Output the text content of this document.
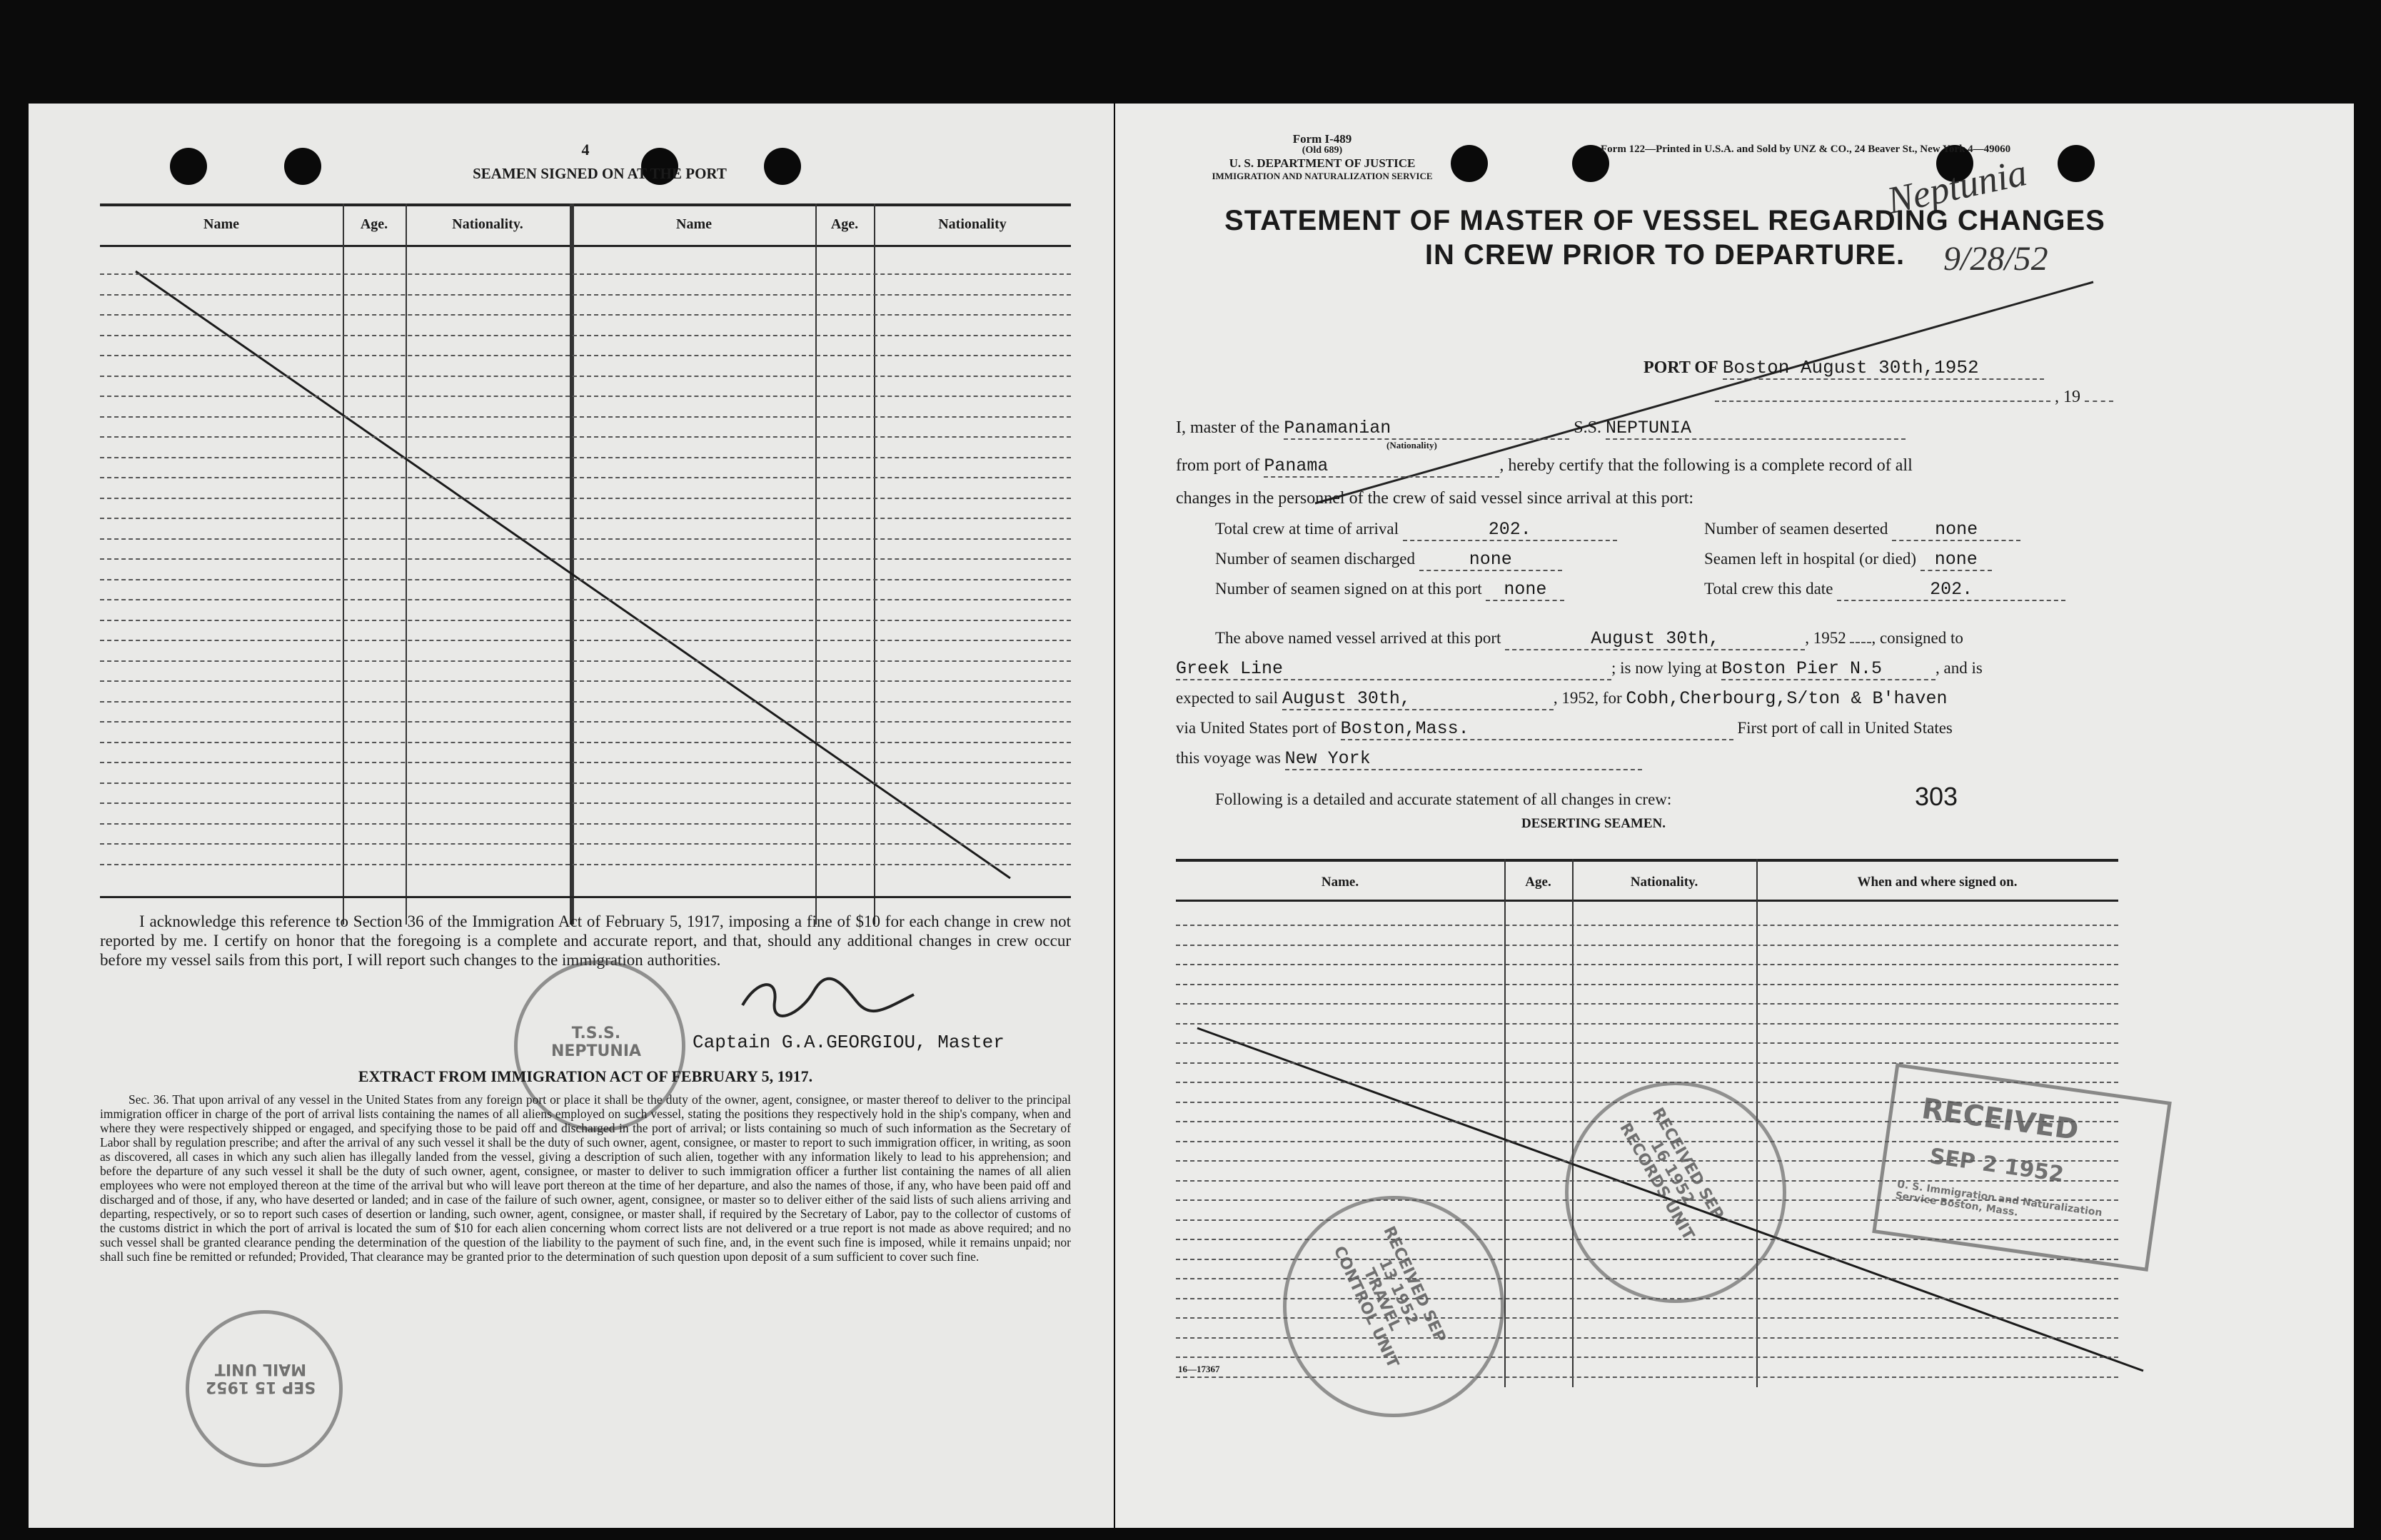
4
SEAMEN SIGNED ON AT THE PORT
Name	Age.	Nationality.	Name	Age.	Nationality
I acknowledge this reference to Section 36 of the Immigration Act of February 5, 1917, imposing a fine of $10 for each change in crew not reported by me. I certify on honor that the foregoing is a complete and accurate report, and that, should any additional changes in crew occur before my vessel sails from this port, I will report such changes to the immigration authorities.
Captain G.A.GEORGIOU, Master
T.S.S. NEPTUNIA
EXTRACT FROM IMMIGRATION ACT OF FEBRUARY 5, 1917.
Sec. 36. That upon arrival of any vessel in the United States from any foreign port or place it shall be the duty of the owner, agent, consignee, or master thereof to deliver to the principal immigration officer in charge of the port of arrival lists containing the names of all aliens employed on such vessel, stating the positions they respectively hold in the ship's company, when and where they were respectively shipped or engaged, and specifying those to be paid off and discharged in the port of arrival; or lists containing so much of such information as the Secretary of Labor shall by regulation prescribe; and after the arrival of any such vessel it shall be the duty of such owner, agent, consignee, or master to report to such immigration officer, in writing, as soon as discovered, all cases in which any such alien has illegally landed from the vessel, giving a description of such alien, together with any information likely to lead to his apprehension; and before the departure of any such vessel it shall be the duty of such owner, agent, consignee, or master to deliver to such immigration officer a further list containing the names of all alien employees who were not employed thereon at the time of the arrival but who will leave port thereon at the time of her departure, and also the names of those, if any, who have been paid off and discharged and of those, if any, who have deserted or landed; and in case of the failure of such owner, agent, consignee, or master so to deliver either of the said lists of such aliens arriving and departing, respectively, or so to report such cases of desertion or landing, such owner, agent, consignee, or master shall, if required by the Secretary of Labor, pay to the collector of customs of the customs district in which the port of arrival is located the sum of $10 for each alien concerning whom correct lists are not delivered or a true report is not made as above required; and no such vessel shall be granted clearance pending the determination of the question of the liability to the payment of such fine, and, in the event such fine is imposed, while it remains unpaid; nor shall such fine be remitted or refunded; Provided, That clearance may be granted prior to the determination of such question upon deposit of a sum sufficient to cover such fine.
SEP 15 1952 MAIL UNIT
Form I-489
(Old 689)
U. S. DEPARTMENT OF JUSTICE
IMMIGRATION AND NATURALIZATION SERVICE
Form 122—Printed in U.S.A. and Sold by UNZ & CO., 24 Beaver St., New York 4—49060
Neptunia
9/28/52
STATEMENT OF MASTER OF VESSEL REGARDING CHANGES
IN CREW PRIOR TO DEPARTURE.
PORT OF Boston August 30th,1952
, 19
I, master of the Panamanian	S.S. NEPTUNIA
(Nationality)
from port of Panama	, hereby certify that the following is a complete record of all
changes in the personnel of the crew of said vessel since arrival at this port:
Total crew at time of arrival	202.	Number of seamen deserted	none
Number of seamen discharged	none	Seamen left in hospital (or died) none
Number of seamen signed on at this port none	Total crew this date	202.
The above named vessel arrived at this port	August 30th,	, 1952 , consigned to
Greek Line	; is now lying at Boston Pier N.5	, and is
expected to sail August 30th,	, 1952, for Cobh,Cherbourg,S/ton & B'haven
via United States port of Boston,Mass.	First port of call in United States
this voyage was New York
Following is a detailed and accurate statement of all changes in crew:	303
DESERTING SEAMEN.
Name.	Age.	Nationality.	When and where signed on.
RECEIVED
SEP 2 1952
U. S. Immigration and Naturalization Service Boston, Mass.
RECEIVED SEP 16 1952 RECORDS UNIT
RECEIVED SEP 13 1952 TRAVEL CONTROL UNIT
16—17367
